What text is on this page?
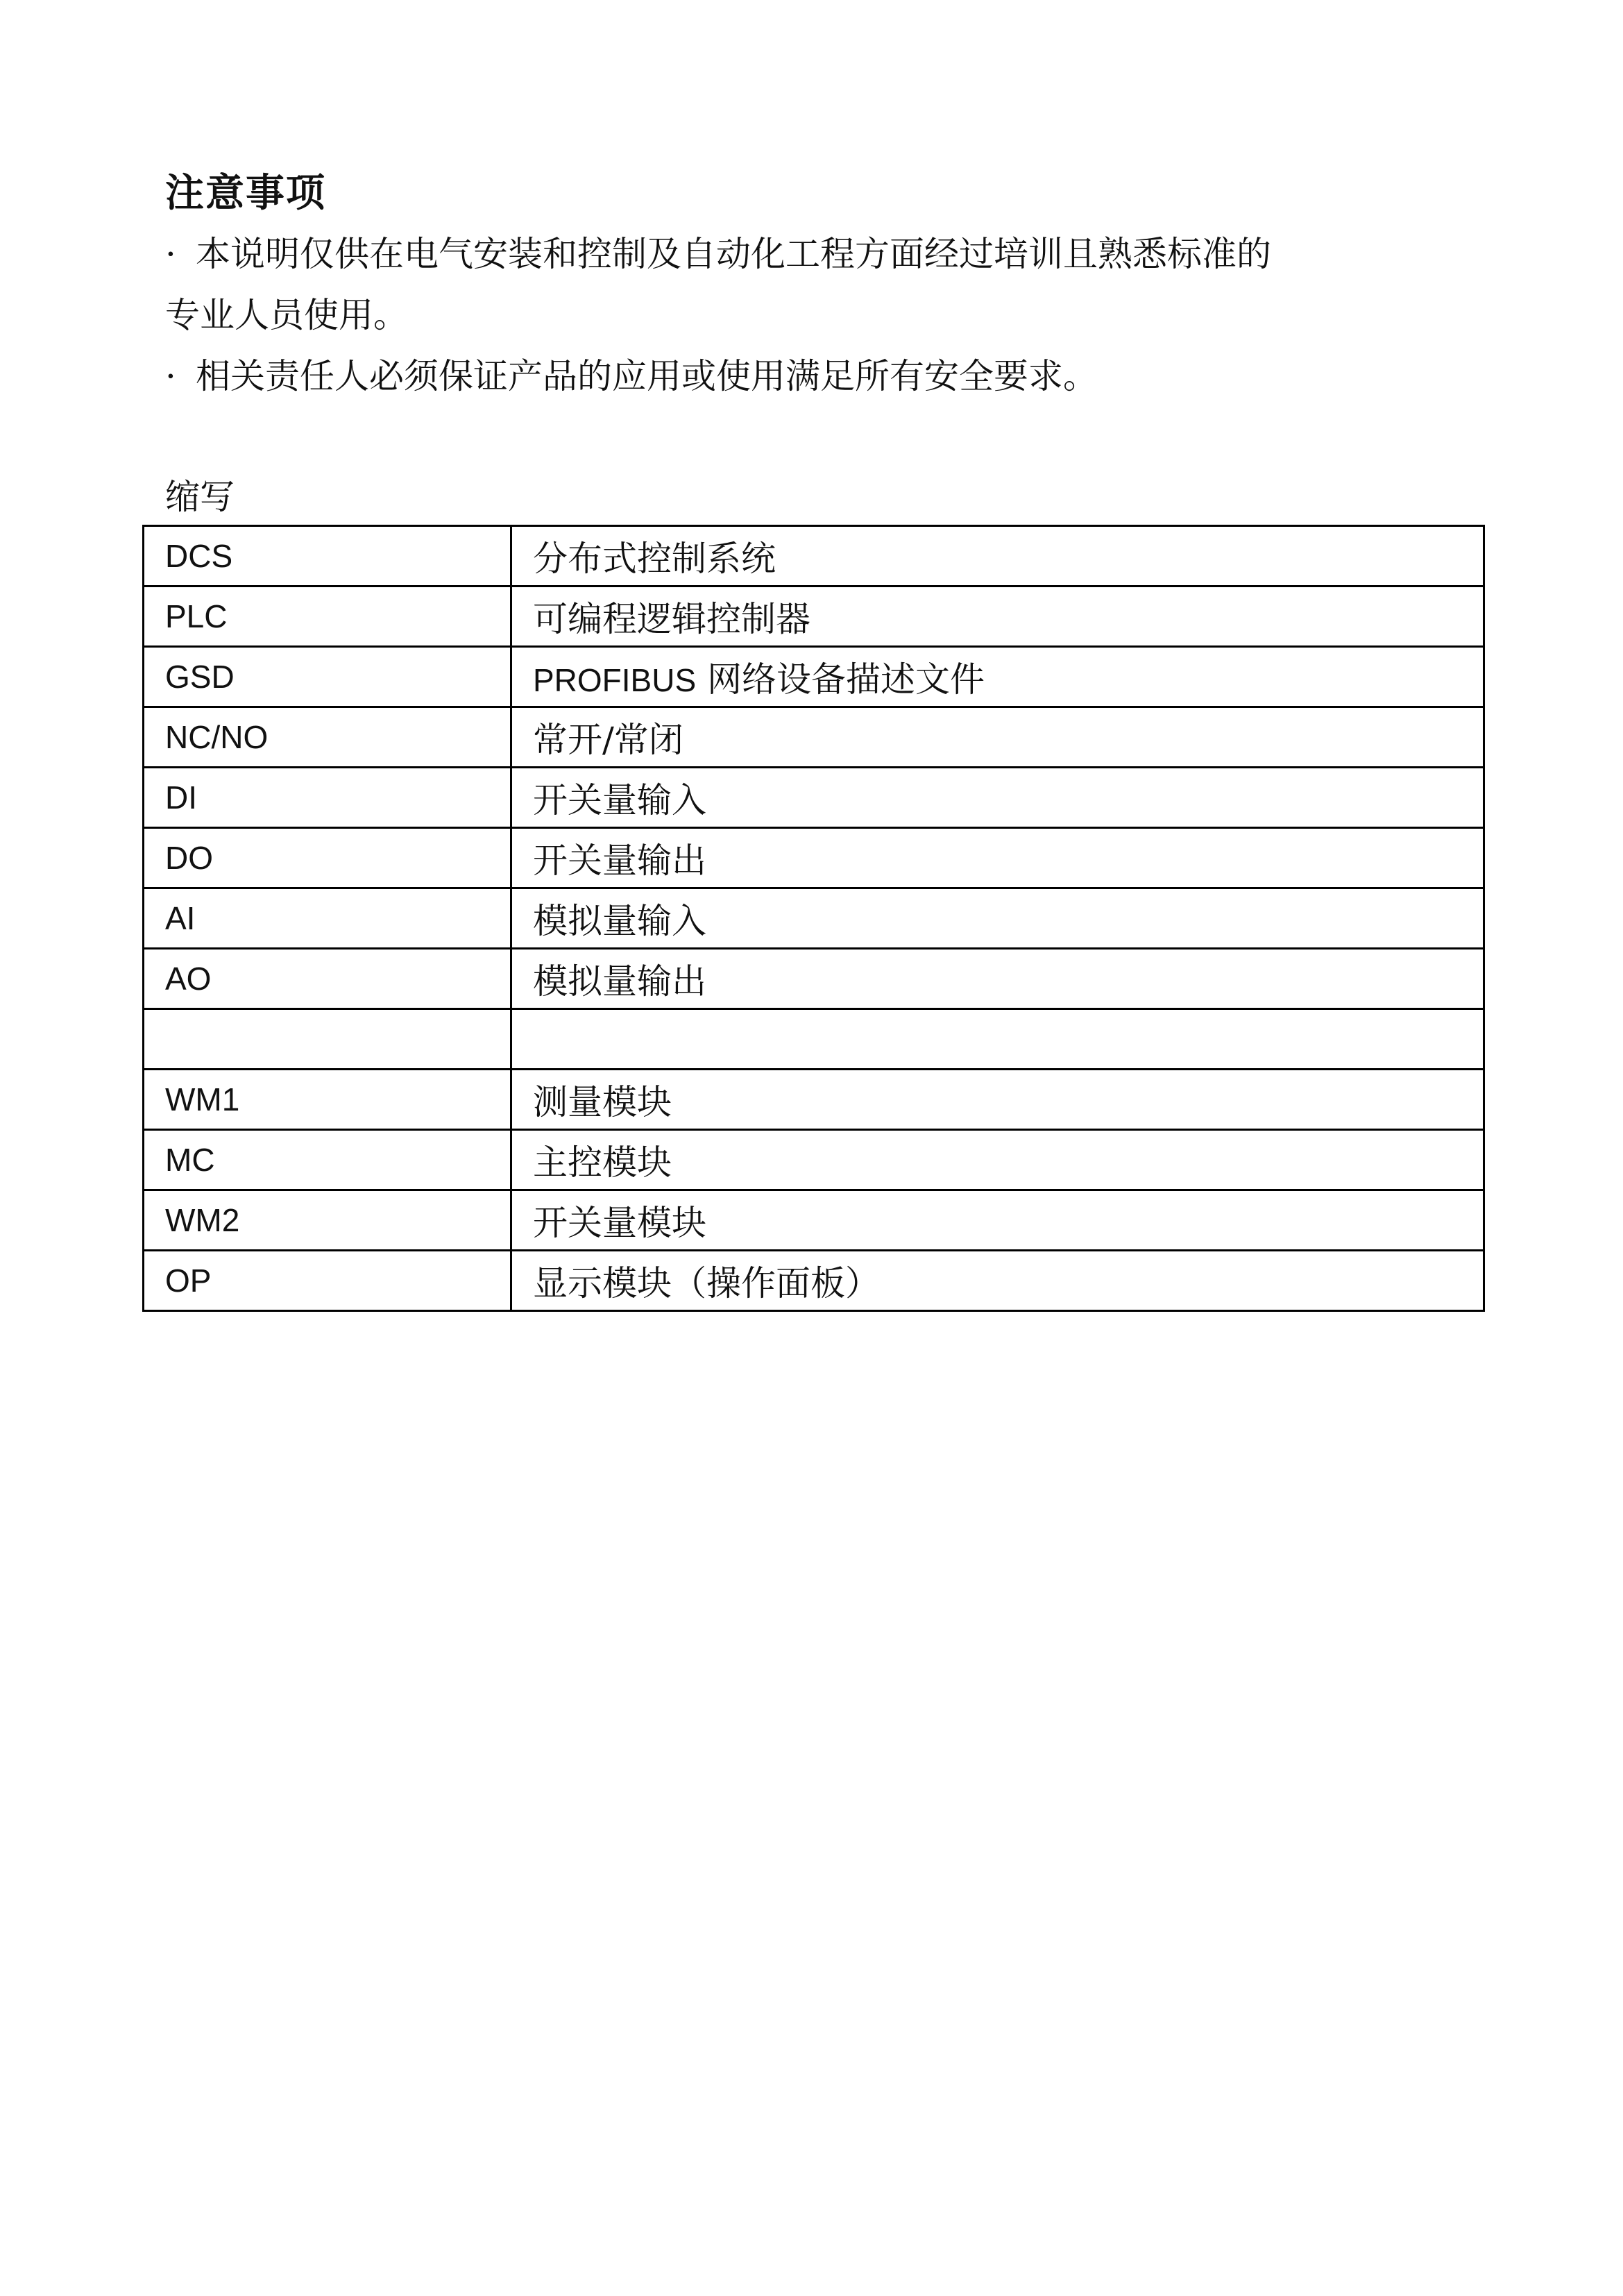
注意事项

· 本说明仅供在电气安装和控制及自动化工程方面经过培训且熟悉标准的
专业人员使用。

· 相关责任人必须保证产品的应用或使用满足所有安全要求。

缩写
DCS	分布式控制系统
PLC	可编程逻辑控制器
GSD	PROFIBUS 网络设备描述文件
NC/NO	常开/常闭
DI	开关量输入
DO	开关量输出
AI	模拟量输入
AO	模拟量输出

WM1	测量模块
MC	主控模块
WM2	开关量模块
OP	显示模块（操作面板）
